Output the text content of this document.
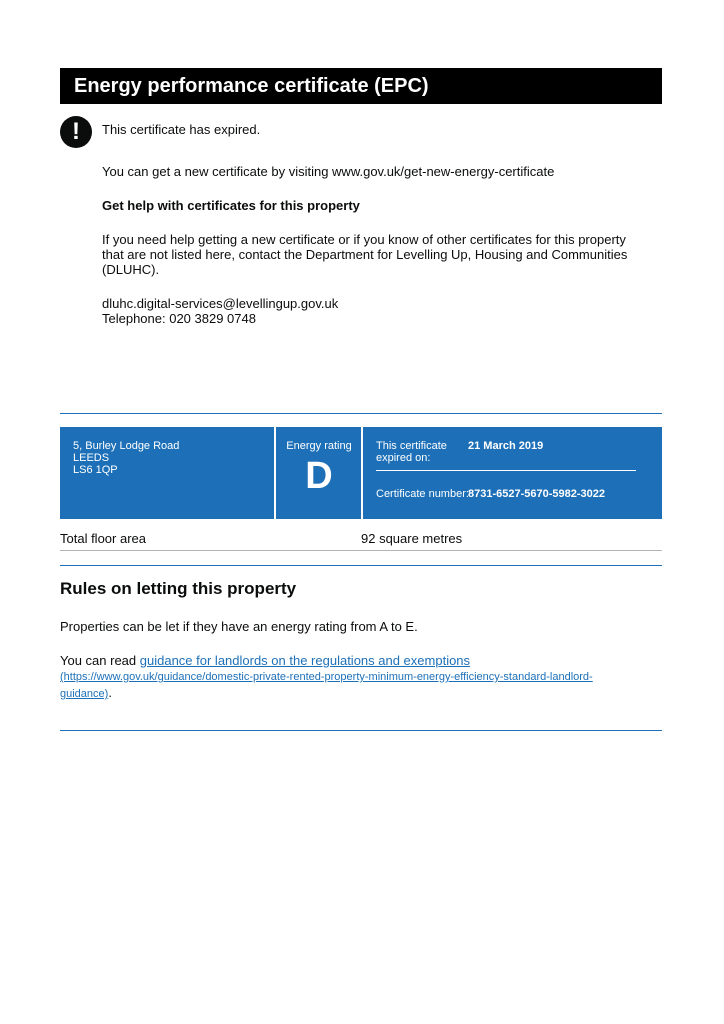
Energy performance certificate (EPC)
!	This certificate has expired.
You can get a new certificate by visiting www.gov.uk/get-new-energy-certificate
Get help with certificates for this property
If you need help getting a new certificate or if you know of other certificates for this property that are not listed here, contact the Department for Levelling Up, Housing and Communities (DLUHC).
dluhc.digital-services@levellingup.gov.uk
Telephone: 020 3829 0748
5, Burley Lodge Road
LEEDS
LS6 1QP
Energy rating
D
This certificate expired on:
21 March 2019
Certificate number: 8731-6527-5670-5982-3022
Total floor area	92 square metres
Rules on letting this property
Properties can be let if they have an energy rating from A to E.
You can read guidance for landlords on the regulations and exemptions
(https://www.gov.uk/guidance/domestic-private-rented-property-minimum-energy-efficiency-standard-landlord-
guidance).
